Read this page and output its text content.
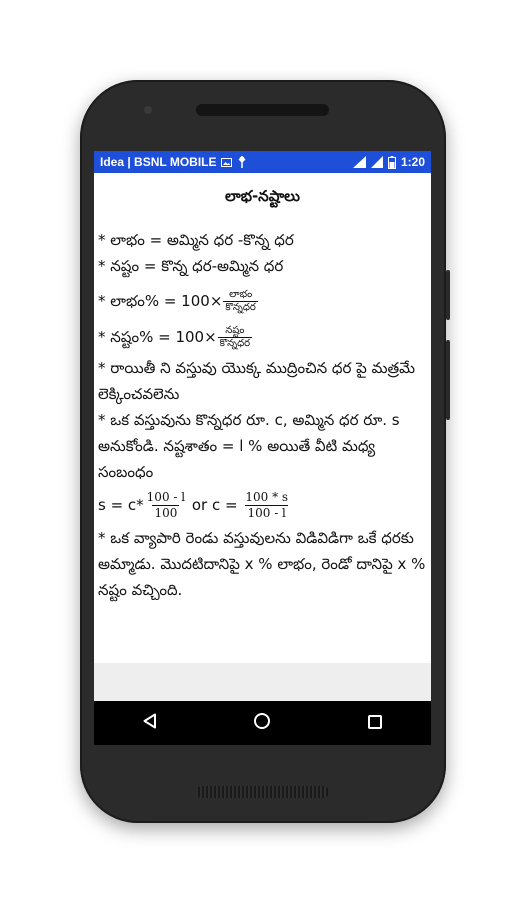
Idea | BSNL MOBILE	1:20
లాభ-నష్టాలు
* లాభం = అమ్మిన ధర -కొన్న ధర
* నష్టం = కొన్న ధర-అమ్మిన ధర
* లాభం% = $100\times \frac{\text{లాభం}}{\text{కొన్నధర}}$
* నష్టం% = $100\times \frac{\text{నష్టం}}{\text{కొన్నధర}}$
* రాయితీ ని వస్తువు యొక్క ముద్రించిన ధర పై మత్రమే లెక్కించవలెను
* ఒక వస్తువును కొన్నధర రూ. c, అమ్మిన ధర రూ. s అనుకోండి. నష్టశాతం = l % అయితే వీటి మధ్య సంబంధం
$s = c* \frac{100 - l}{100}$ or $c = \frac{100 * s}{100 - l}$
* ఒక వ్యాపారి రెండు వస్తువులను విడివిడిగా ఒకే ధరకు అమ్మాడు. మొదటిదానిపై x % లాభం, రెండో దానిపై x % నష్టం వచ్చింది.
